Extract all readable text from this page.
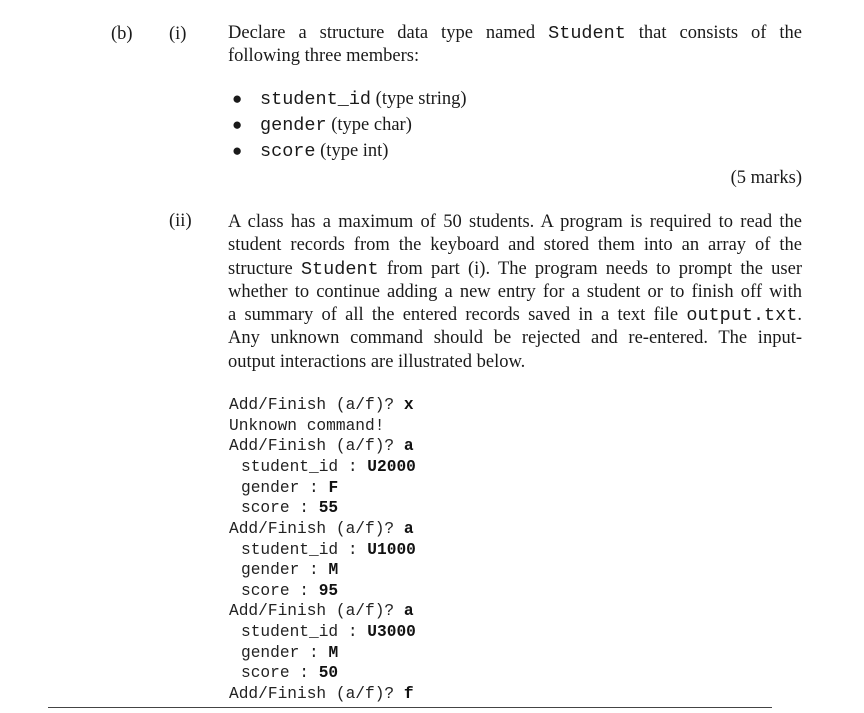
(b) (i)
(ii)
Declare a structure data type named Student that consists of the
following three members:
● student_id (type string)
● gender (type char)
● score (type int)
(5 marks)
A class has a maximum of 50 students. A program is required to read the
student records from the keyboard and stored them into an array of the
structure Student from part (i). The program needs to prompt the user
whether to continue adding a new entry for a student or to finish off with
a summary of all the entered records saved in a text file output.txt.
Any unknown command should be rejected and re-entered. The input-
output interactions are illustrated below.
Add/Finish (a/f)? x
Unknown command!
Add/Finish (a/f)? a
student_id : U2000
gender : F
score : 55
Add/Finish (a/f)? a
student_id : U1000
gender : M
score : 95
Add/Finish (a/f)? a
student_id : U3000
gender : M
score : 50
Add/Finish (a/f)? f
